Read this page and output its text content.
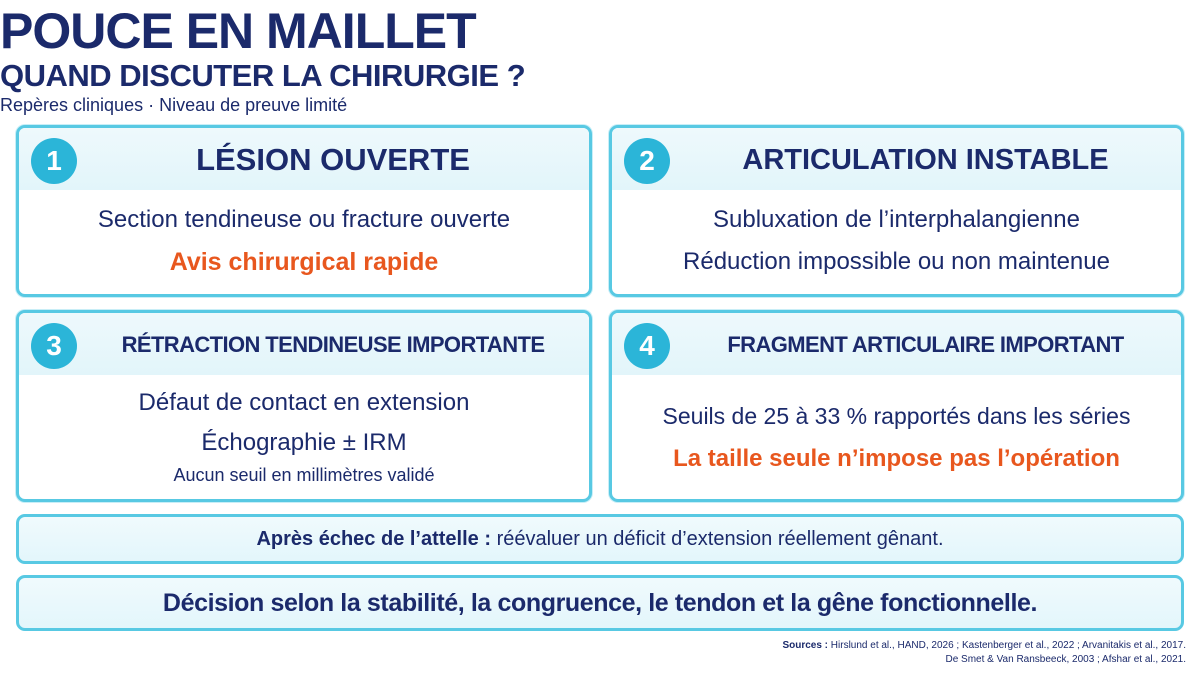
POUCE EN MAILLET
QUAND DISCUTER LA CHIRURGIE ?
Repères cliniques · Niveau de preuve limité
1	LÉSION OUVERTE
Section tendineuse ou fracture ouverte
Avis chirurgical rapide
2	ARTICULATION INSTABLE
Subluxation de l’interphalangienne
Réduction impossible ou non maintenue
3	RÉTRACTION TENDINEUSE IMPORTANTE
Défaut de contact en extension
Échographie ± IRM
Aucun seuil en millimètres validé
4	FRAGMENT ARTICULAIRE IMPORTANT
Seuils de 25 à 33 % rapportés dans les séries
La taille seule n’impose pas l’opération
Après échec de l’attelle : réévaluer un déficit d’extension réellement gênant.
Décision selon la stabilité, la congruence, le tendon et la gêne fonctionnelle.
Sources : Hirslund et al., HAND, 2026 ; Kastenberger et al., 2022 ; Arvanitakis et al., 2017.
De Smet & Van Ransbeeck, 2003 ; Afshar et al., 2021.
